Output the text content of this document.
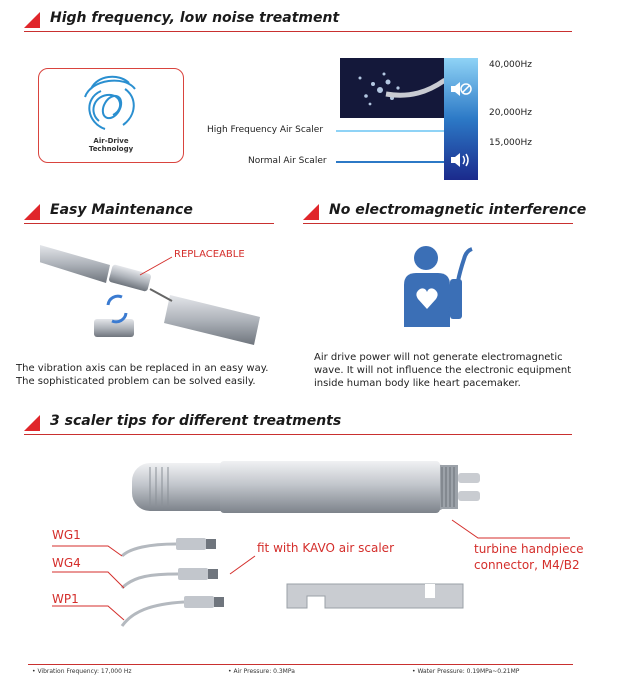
High frequency, low noise treatment
Air-Drive
Technology
40,000Hz
20,000Hz
15,000Hz
High Frequency Air Scaler
Normal Air Scaler
Easy Maintenance	No electromagnetic interference
REPLACEABLE
The vibration axis can be replaced in an easy way.
The sophisticated problem can be solved easily.
Air drive power will not generate electromagnetic
wave. It will not influence the electronic equipment
inside human body like heart pacemaker.
3 scaler tips for different treatments
WG1
WG4
WP1
fit with KAVO air scaler	turbine handpiece
connector, M4/B2
• Vibration Frequency: 17,000 Hz	• Air Pressure: 0.3MPa	• Water Pressure: 0.19MPa~0.21MP
